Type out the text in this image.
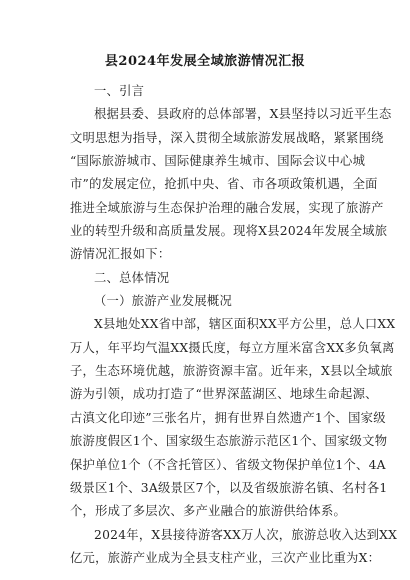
县2024年发展全域旅游情况汇报
一、引言
根据县委、县政府的总体部署，X县坚持以习近平生态
文明思想为指导，深入贯彻全域旅游发展战略，紧紧围绕
“国际旅游城市、国际健康养生城市、国际会议中心城
市”的发展定位，抢抓中央、省、市各项政策机遇，全面
推进全域旅游与生态保护治理的融合发展，实现了旅游产
业的转型升级和高质量发展。现将X县2024年发展全域旅
游情况汇报如下：
二、总体情况
（一）旅游产业发展概况
X县地处XX省中部，辖区面积XX平方公里，总人口XX
万人，年平均气温XX摄氏度，每立方厘米富含XX多负氧离
子，生态环境优越，旅游资源丰富。近年来，X县以全域旅
游为引领，成功打造了“世界深蓝湖区、地球生命起源、
古滇文化印迹”三张名片，拥有世界自然遗产1个、国家级
旅游度假区1个、国家级生态旅游示范区1个、国家级文物
保护单位1个（不含托管区）、省级文物保护单位1个、4A
级景区1个、3A级景区7个，以及省级旅游名镇、名村各1
个，形成了多层次、多产业融合的旅游供给体系。
2024年，X县接待游客XX万人次，旅游总收入达到XX
亿元，旅游产业成为全县支柱产业，三次产业比重为X：
